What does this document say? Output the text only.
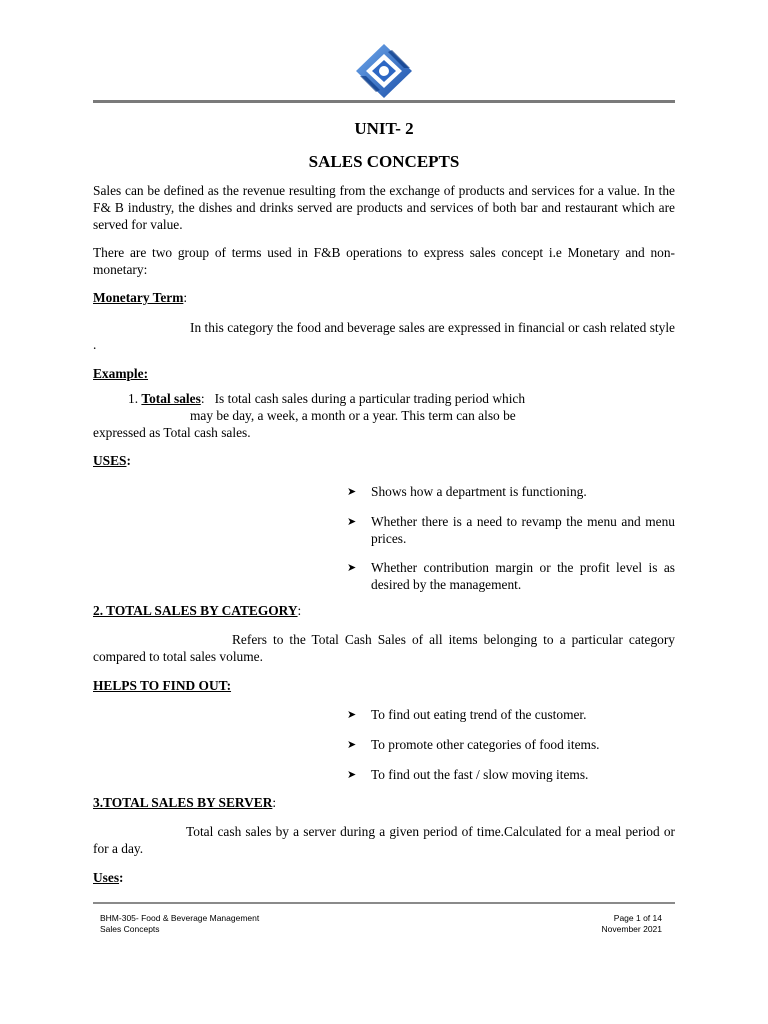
UNIT- 2

SALES CONCEPTS

Sales can be defined as the revenue resulting from the exchange of products and services for a value. In the F& B industry, the dishes and drinks served are products and services of both bar and restaurant which are served for value.

There are two group of terms used in F&B operations to express sales concept i.e Monetary and non- monetary:

Monetary Term:

In this category the food and beverage sales are expressed in financial or cash related style .

Example:

1. Total sales:   Is total cash sales during a particular trading period which
may be day, a week, a month or a year. This term can also be
expressed as Total cash sales.

USES:

➤	Shows how a department is functioning.
➤	Whether there is a need to revamp the menu and menu prices.
➤	Whether contribution margin or the profit level is as desired by the management.

2. TOTAL SALES BY CATEGORY:

Refers to the Total Cash Sales of all items belonging to a particular category compared to total sales volume.

HELPS TO FIND OUT:

➤	To find out eating trend of the customer.
➤	To promote other categories of food items.
➤	To find out the fast / slow moving items.

3.TOTAL SALES BY SERVER:

Total cash sales by a server during a given period of time.Calculated for a meal period or for a day.

Uses:

BHM-305- Food & Beverage Management	Page 1 of 14
Sales Concepts	November 2021
